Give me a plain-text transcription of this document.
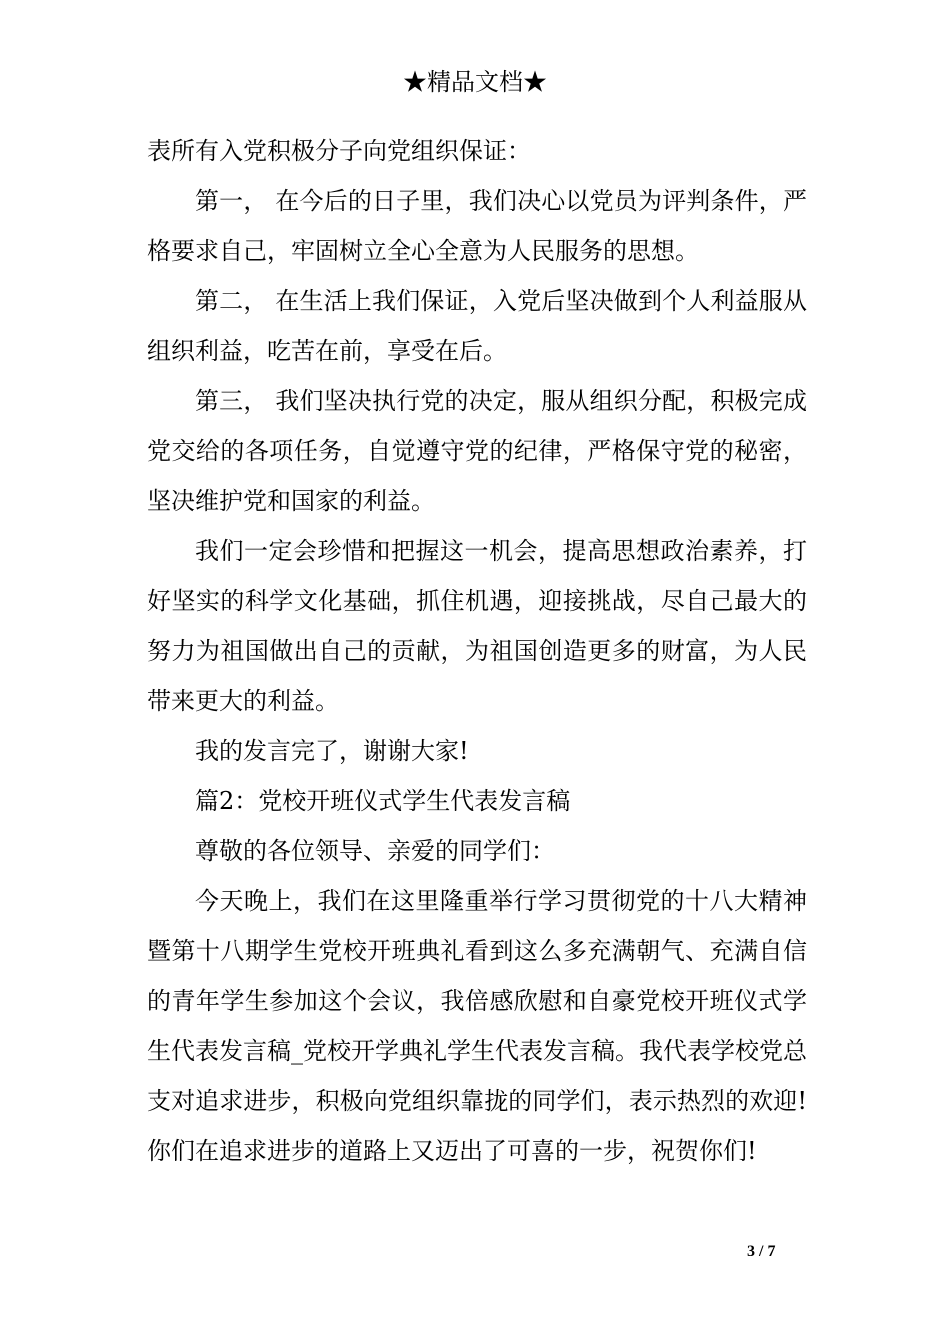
★精品文档★

表所有入党积极分子向党组织保证：

第一， 在今后的日子里，我们决心以党员为评判条件，严格要求自己，牢固树立全心全意为人民服务的思想。

第二， 在生活上我们保证，入党后坚决做到个人利益服从组织利益，吃苦在前，享受在后。

第三， 我们坚决执行党的决定，服从组织分配，积极完成党交给的各项任务，自觉遵守党的纪律，严格保守党的秘密，坚决维护党和国家的利益。

我们一定会珍惜和把握这一机会，提高思想政治素养，打好坚实的科学文化基础，抓住机遇，迎接挑战，尽自己最大的努力为祖国做出自己的贡献，为祖国创造更多的财富，为人民带来更大的利益。

我的发言完了，谢谢大家!

篇2：党校开班仪式学生代表发言稿

尊敬的各位领导、亲爱的同学们：

今天晚上，我们在这里隆重举行学习贯彻党的十八大精神暨第十八期学生党校开班典礼看到这么多充满朝气、充满自信的青年学生参加这个会议，我倍感欣慰和自豪党校开班仪式学生代表发言稿_党校开学典礼学生代表发言稿。我代表学校党总支对追求进步，积极向党组织靠拢的同学们，表示热烈的欢迎!你们在追求进步的道路上又迈出了可喜的一步，祝贺你们!

3 / 7
